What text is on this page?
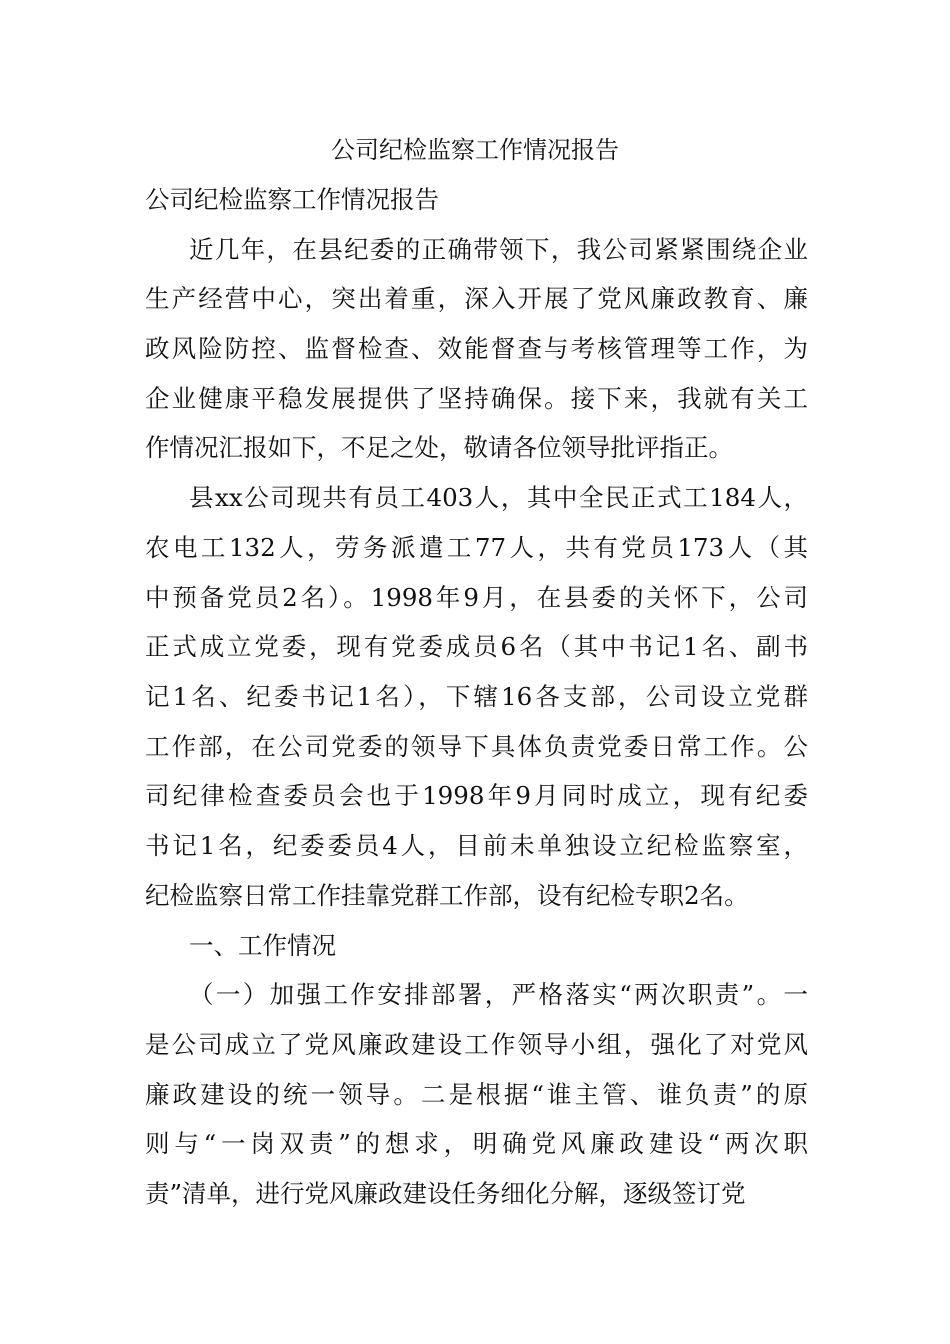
公司纪检监察工作情况报告
公司纪检监察工作情况报告
近几年，在县纪委的正确带领下，我公司紧紧围绕企业
生产经营中心，突出着重，深入开展了党风廉政教育、廉
政风险防控、监督检查、效能督查与考核管理等工作，为
企业健康平稳发展提供了坚持确保。接下来，我就有关工
作情况汇报如下，不足之处，敬请各位领导批评指正。
县xx公司现共有员工403人，其中全民正式工184人，
农电工132人，劳务派遣工77人，共有党员173人（其
中预备党员2名）。1998年9月，在县委的关怀下，公司
正式成立党委，现有党委成员6名（其中书记1名、副书
记1名、纪委书记1名），下辖16各支部，公司设立党群
工作部，在公司党委的领导下具体负责党委日常工作。公
司纪律检查委员会也于1998年9月同时成立，现有纪委
书记1名，纪委委员4人，目前未单独设立纪检监察室，
纪检监察日常工作挂靠党群工作部，设有纪检专职2名。
一、工作情况
（一）加强工作安排部署，严格落实“两次职责”。一
是公司成立了党风廉政建设工作领导小组，强化了对党风
廉政建设的统一领导。二是根据“谁主管、谁负责”的原
则与“一岗双责”的想求，明确党风廉政建设“两次职
责”清单，进行党风廉政建设任务细化分解，逐级签订党
